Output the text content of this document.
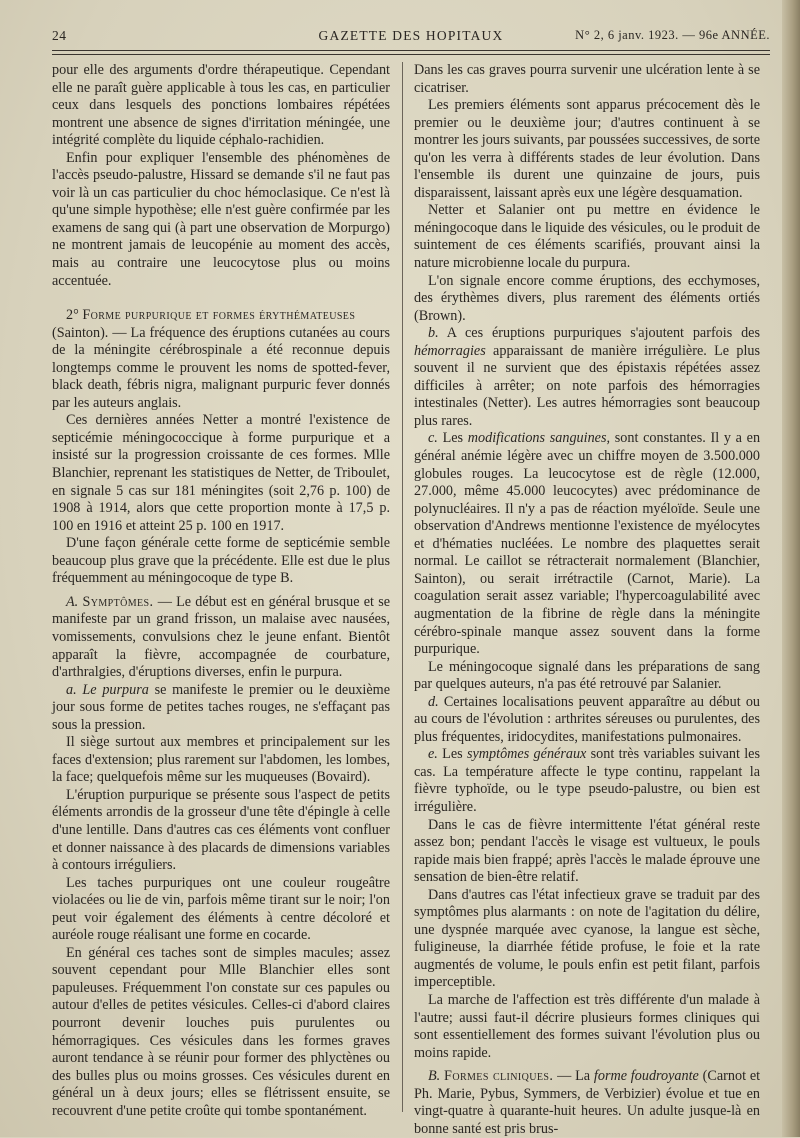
24	GAZETTE DES HOPITAUX	N° 2, 6 janv. 1923. — 96e ANNÉE.

pour elle des arguments d'ordre thérapeutique. Cependant elle ne paraît guère applicable à tous les cas, en particulier ceux dans lesquels des ponctions lombaires répétées montrent une absence de signes d'irritation méningée, une intégrité complète du liquide céphalo-rachidien.

Enfin pour expliquer l'ensemble des phénomènes de l'accès pseudo-palustre, Hissard se demande s'il ne faut pas voir là un cas particulier du choc hémoclasique. Ce n'est là qu'une simple hypothèse; elle n'est guère confirmée par les examens de sang qui (à part une observation de Morpurgo) ne montrent jamais de leucopénie au moment des accès, mais au contraire une leucocytose plus ou moins accentuée.

2° Forme purpurique et formes érythémateuses
(Sainton). — La fréquence des éruptions cutanées au cours de la méningite cérébrospinale a été reconnue depuis longtemps comme le prouvent les noms de spotted-fever, black death, fébris nigra, malignant purpuric fever donnés par les auteurs anglais.

Ces dernières années Netter a montré l'existence de septicémie méningococcique à forme purpurique et a insisté sur la progression croissante de ces formes. Mlle Blanchier, reprenant les statistiques de Netter, de Triboulet, en signale 5 cas sur 181 méningites (soit 2,76 p. 100) de 1908 à 1914, alors que cette proportion monte à 17,5 p. 100 en 1916 et atteint 25 p. 100 en 1917.

D'une façon générale cette forme de septicémie semble beaucoup plus grave que la précédente. Elle est due le plus fréquemment au méningocoque de type B.

A. Symptômes. — Le début est en général brusque et se manifeste par un grand frisson, un malaise avec nausées, vomissements, convulsions chez le jeune enfant. Bientôt apparaît la fièvre, accompagnée de courbature, d'arthralgies, d'éruptions diverses, enfin le purpura.

a. Le purpura se manifeste le premier ou le deuxième jour sous forme de petites taches rouges, ne s'effaçant pas sous la pression.

Il siège surtout aux membres et principalement sur les faces d'extension; plus rarement sur l'abdomen, les lombes, la face; quelquefois même sur les muqueuses (Bovaird).

L'éruption purpurique se présente sous l'aspect de petits éléments arrondis de la grosseur d'une tête d'épingle à celle d'une lentille. Dans d'autres cas ces éléments vont confluer et donner naissance à des placards de dimensions variables à contours irréguliers.

Les taches purpuriques ont une couleur rougeâtre violacées ou lie de vin, parfois même tirant sur le noir; l'on peut voir également des éléments à centre décoloré et auréole rouge réalisant une forme en cocarde.

En général ces taches sont de simples macules; assez souvent cependant pour Mlle Blanchier elles sont papuleuses. Fréquemment l'on constate sur ces papules ou autour d'elles de petites vésicules. Celles-ci d'abord claires pourront devenir louches puis purulentes ou hémorragiques. Ces vésicules dans les formes graves auront tendance à se réunir pour former des phlyctènes ou des bulles plus ou moins grosses. Ces vésicules durent en général un à deux jours; elles se flétrissent ensuite, se recouvrent d'une petite croûte qui tombe spontanément.

Dans les cas graves pourra survenir une ulcération lente à se cicatriser.

Les premiers éléments sont apparus précocement dès le premier ou le deuxième jour; d'autres continuent à se montrer les jours suivants, par poussées successives, de sorte qu'on les verra à différents stades de leur évolution. Dans l'ensemble ils durent une quinzaine de jours, puis disparaissent, laissant après eux une légère desquamation.

Netter et Salanier ont pu mettre en évidence le méningocoque dans le liquide des vésicules, ou le produit de suintement de ces éléments scarifiés, prouvant ainsi la nature microbienne locale du purpura.

L'on signale encore comme éruptions, des ecchymoses, des érythèmes divers, plus rarement des éléments ortiés (Brown).

b. A ces éruptions purpuriques s'ajoutent parfois des hémorragies apparaissant de manière irrégulière. Le plus souvent il ne survient que des épistaxis répétées assez difficiles à arrêter; on note parfois des hémorragies intestinales (Netter). Les autres hémorragies sont beaucoup plus rares.

c. Les modifications sanguines, sont constantes. Il y a en général anémie légère avec un chiffre moyen de 3.500.000 globules rouges. La leucocytose est de règle (12.000, 27.000, même 45.000 leucocytes) avec prédominance de polynucléaires. Il n'y a pas de réaction myéloïde. Seule une observation d'Andrews mentionne l'existence de myélocytes et d'hématies nucléées. Le nombre des plaquettes serait normal. Le caillot se rétracterait normalement (Blanchier, Sainton), ou serait irrétractile (Carnot, Marie). La coagulation serait assez variable; l'hypercoagulabilité avec augmentation de la fibrine de règle dans la méningite cérébro-spinale manque assez souvent dans la forme purpurique.

Le méningocoque signalé dans les préparations de sang par quelques auteurs, n'a pas été retrouvé par Salanier.

d. Certaines localisations peuvent apparaître au début ou au cours de l'évolution : arthrites séreuses ou purulentes, des plus fréquentes, iridocydites, manifestations pulmonaires.

e. Les symptômes généraux sont très variables suivant les cas. La température affecte le type continu, rappelant la fièvre typhoïde, ou le type pseudo-palustre, ou bien est irrégulière.

Dans le cas de fièvre intermittente l'état général reste assez bon; pendant l'accès le visage est vultueux, le pouls rapide mais bien frappé; après l'accès le malade éprouve une sensation de bien-être relatif.

Dans d'autres cas l'état infectieux grave se traduit par des symptômes plus alarmants : on note de l'agitation du délire, une dyspnée marquée avec cyanose, la langue est sèche, fuligineuse, la diarrhée fétide profuse, le foie et la rate augmentés de volume, le pouls enfin est petit filant, parfois imperceptible.

La marche de l'affection est très différente d'un malade à l'autre; aussi faut-il décrire plusieurs formes cliniques qui sont essentiellement des formes suivant l'évolution plus ou moins rapide.

B. Formes cliniques. — La forme foudroyante (Carnot et Ph. Marie, Pybus, Symmers, de Verbizier) évolue et tue en vingt-quatre à quarante-huit heures. Un adulte jusque-là en bonne santé est pris brus-
